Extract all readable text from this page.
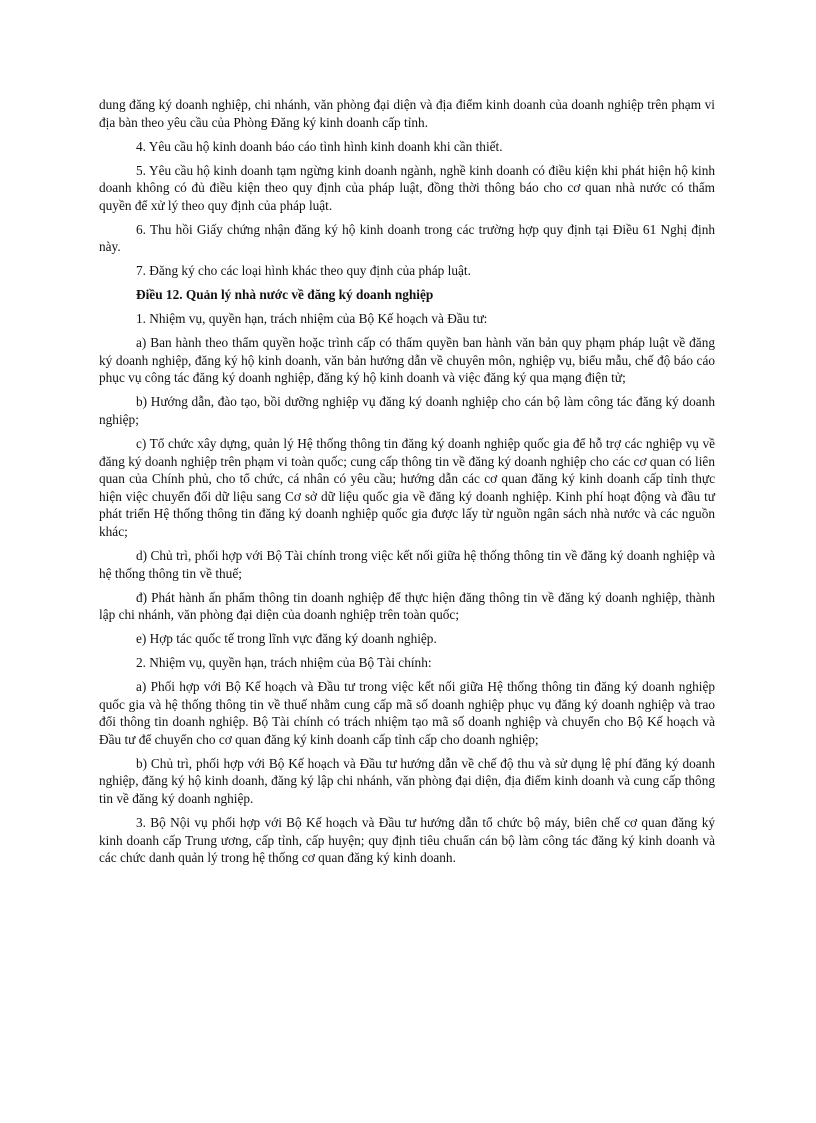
dung đăng ký doanh nghiệp, chi nhánh, văn phòng đại diện và địa điểm kinh doanh của doanh nghiệp trên phạm vi địa bàn theo yêu cầu của Phòng Đăng ký kinh doanh cấp tỉnh.

4. Yêu cầu hộ kinh doanh báo cáo tình hình kinh doanh khi cần thiết.

5. Yêu cầu hộ kinh doanh tạm ngừng kinh doanh ngành, nghề kinh doanh có điều kiện khi phát hiện hộ kinh doanh không có đủ điều kiện theo quy định của pháp luật, đồng thời thông báo cho cơ quan nhà nước có thẩm quyền để xử lý theo quy định của pháp luật.

6. Thu hồi Giấy chứng nhận đăng ký hộ kinh doanh trong các trường hợp quy định tại Điều 61 Nghị định này.

7. Đăng ký cho các loại hình khác theo quy định của pháp luật.

Điều 12. Quản lý nhà nước về đăng ký doanh nghiệp

1. Nhiệm vụ, quyền hạn, trách nhiệm của Bộ Kế hoạch và Đầu tư:

a) Ban hành theo thẩm quyền hoặc trình cấp có thẩm quyền ban hành văn bản quy phạm pháp luật về đăng ký doanh nghiệp, đăng ký hộ kinh doanh, văn bản hướng dẫn về chuyên môn, nghiệp vụ, biểu mẫu, chế độ báo cáo phục vụ công tác đăng ký doanh nghiệp, đăng ký hộ kinh doanh và việc đăng ký qua mạng điện tử;

b) Hướng dẫn, đào tạo, bồi dưỡng nghiệp vụ đăng ký doanh nghiệp cho cán bộ làm công tác đăng ký doanh nghiệp;

c) Tổ chức xây dựng, quản lý Hệ thống thông tin đăng ký doanh nghiệp quốc gia để hỗ trợ các nghiệp vụ về đăng ký doanh nghiệp trên phạm vi toàn quốc; cung cấp thông tin về đăng ký doanh nghiệp cho các cơ quan có liên quan của Chính phủ, cho tổ chức, cá nhân có yêu cầu; hướng dẫn các cơ quan đăng ký kinh doanh cấp tỉnh thực hiện việc chuyển đổi dữ liệu sang Cơ sở dữ liệu quốc gia về đăng ký doanh nghiệp. Kinh phí hoạt động và đầu tư phát triển Hệ thống thông tin đăng ký doanh nghiệp quốc gia được lấy từ nguồn ngân sách nhà nước và các nguồn khác;

d) Chủ trì, phối hợp với Bộ Tài chính trong việc kết nối giữa hệ thống thông tin về đăng ký doanh nghiệp và hệ thống thông tin về thuế;

đ) Phát hành ấn phẩm thông tin doanh nghiệp để thực hiện đăng thông tin về đăng ký doanh nghiệp, thành lập chi nhánh, văn phòng đại diện của doanh nghiệp trên toàn quốc;

e) Hợp tác quốc tế trong lĩnh vực đăng ký doanh nghiệp.

2. Nhiệm vụ, quyền hạn, trách nhiệm của Bộ Tài chính:

a) Phối hợp với Bộ Kế hoạch và Đầu tư trong việc kết nối giữa Hệ thống thông tin đăng ký doanh nghiệp quốc gia và hệ thống thông tin về thuế nhằm cung cấp mã số doanh nghiệp phục vụ đăng ký doanh nghiệp và trao đổi thông tin doanh nghiệp. Bộ Tài chính có trách nhiệm tạo mã số doanh nghiệp và chuyển cho Bộ Kế hoạch và Đầu tư để chuyển cho cơ quan đăng ký kinh doanh cấp tỉnh cấp cho doanh nghiệp;

b) Chủ trì, phối hợp với Bộ Kế hoạch và Đầu tư hướng dẫn về chế độ thu và sử dụng lệ phí đăng ký doanh nghiệp, đăng ký hộ kinh doanh, đăng ký lập chi nhánh, văn phòng đại diện, địa điểm kinh doanh và cung cấp thông tin về đăng ký doanh nghiệp.

3. Bộ Nội vụ phối hợp với Bộ Kế hoạch và Đầu tư hướng dẫn tổ chức bộ máy, biên chế cơ quan đăng ký kinh doanh cấp Trung ương, cấp tỉnh, cấp huyện; quy định tiêu chuẩn cán bộ làm công tác đăng ký kinh doanh và các chức danh quản lý trong hệ thống cơ quan đăng ký kinh doanh.
